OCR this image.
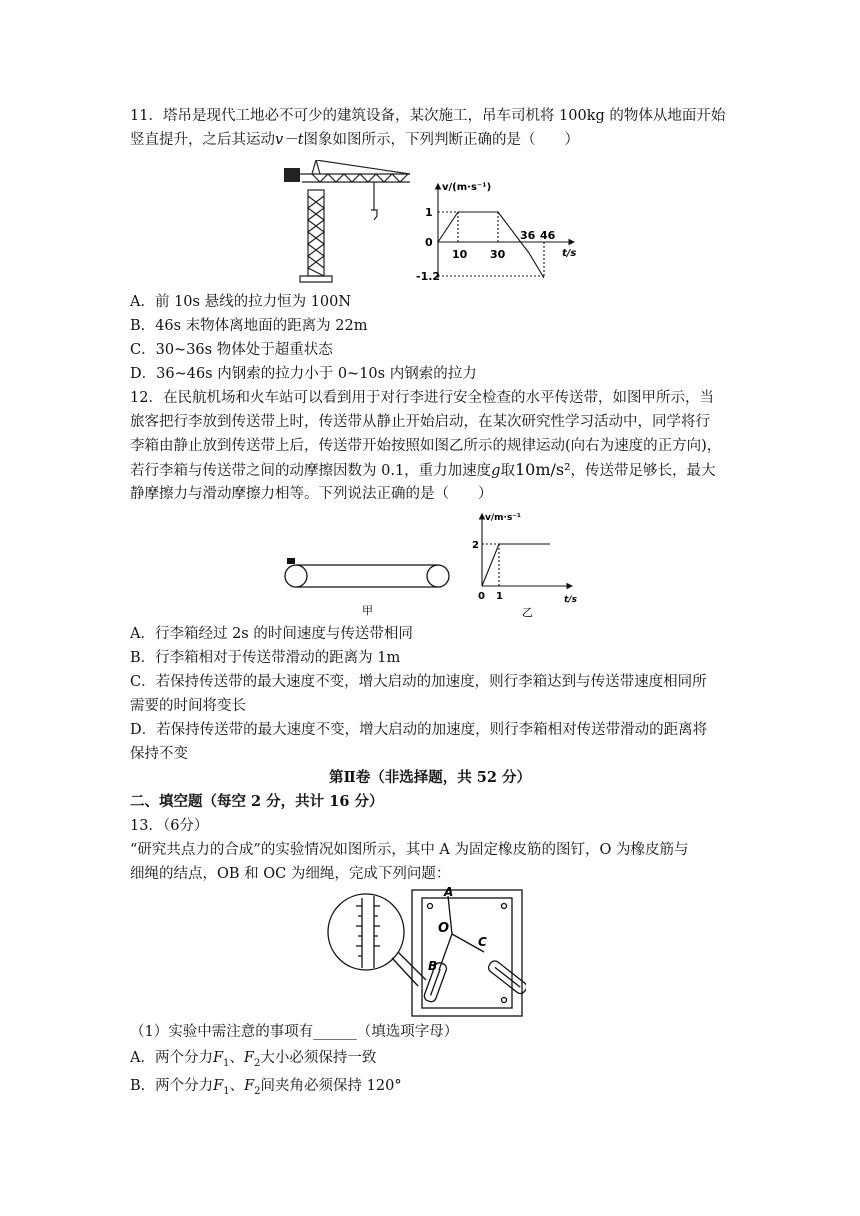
11．塔吊是现代工地必不可少的建筑设备，某次施工，吊车司机将 100kg 的物体从地面开始
竖直提升，之后其运动v－t图象如图所示，下列判断正确的是（　　）
v/(m·s⁻¹)
t/s
1
0
-1.2
10 30
36 46
A．前 10s 悬线的拉力恒为 100N
B．46s 末物体离地面的距离为 22m
C．30~36s 物体处于超重状态
D．36~46s 内钢索的拉力小于 0~10s 内钢索的拉力
12．在民航机场和火车站可以看到用于对行李进行安全检查的水平传送带，如图甲所示，当
旅客把行李放到传送带上时，传送带从静止开始启动，在某次研究性学习活动中，同学将行
李箱由静止放到传送带上后，传送带开始按照如图乙所示的规律运动(向右为速度的正方向)，
若行李箱与传送带之间的动摩擦因数为 0.1，重力加速度g取10m/s²，传送带足够长，最大
静摩擦力与滑动摩擦力相等。下列说法正确的是（　　）
甲
v/m·s⁻¹
t/s
2
0 1
乙
A．行李箱经过 2s 的时间速度与传送带相同
B．行李箱相对于传送带滑动的距离为 1m
C．若保持传送带的最大速度不变，增大启动的加速度，则行李箱达到与传送带速度相同所
需要的时间将变长
D．若保持传送带的最大速度不变，增大启动的加速度，则行李箱相对传送带滑动的距离将
保持不变
第Ⅱ卷（非选择题，共 52 分）
二、填空题（每空 2 分，共计 16 分）
13．（6分）
“研究共点力的合成”的实验情况如图所示，其中 A 为固定橡皮筋的图钉，O 为橡皮筋与
细绳的结点，OB 和 OC 为细绳，完成下列问题：
A
O
B
C
（1）实验中需注意的事项有______（填选项字母）
A．两个分力$F_1$、$F_2$大小必须保持一致
B．两个分力$F_1$、$F_2$间夹角必须保持 120°
